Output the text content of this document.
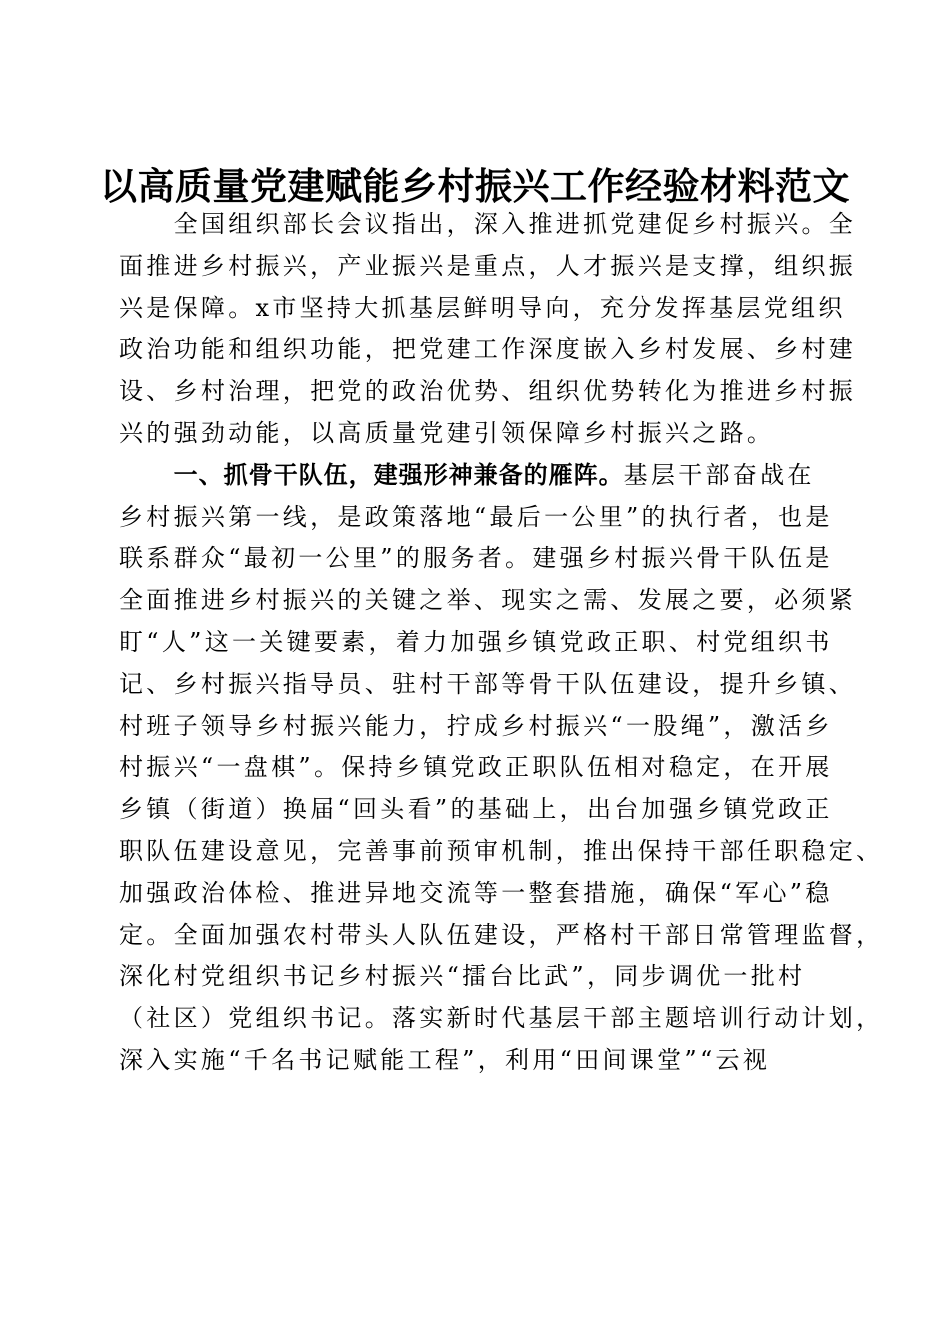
以高质量党建赋能乡村振兴工作经验材料范文

　　全国组织部长会议指出，深入推进抓党建促乡村振兴。全
面推进乡村振兴，产业振兴是重点，人才振兴是支撑，组织振
兴是保障。x市坚持大抓基层鲜明导向，充分发挥基层党组织
政治功能和组织功能，把党建工作深度嵌入乡村发展、乡村建
设、乡村治理，把党的政治优势、组织优势转化为推进乡村振
兴的强劲动能，以高质量党建引领保障乡村振兴之路。

　　一、抓骨干队伍，建强形神兼备的雁阵。基层干部奋战在
乡村振兴第一线，是政策落地“最后一公里”的执行者，也是
联系群众“最初一公里”的服务者。建强乡村振兴骨干队伍是
全面推进乡村振兴的关键之举、现实之需、发展之要，必须紧
盯“人”这一关键要素，着力加强乡镇党政正职、村党组织书
记、乡村振兴指导员、驻村干部等骨干队伍建设，提升乡镇、
村班子领导乡村振兴能力，拧成乡村振兴“一股绳”，激活乡
村振兴“一盘棋”。保持乡镇党政正职队伍相对稳定，在开展
乡镇（街道）换届“回头看”的基础上，出台加强乡镇党政正
职队伍建设意见，完善事前预审机制，推出保持干部任职稳定、
加强政治体检、推进异地交流等一整套措施，确保“军心”稳
定。全面加强农村带头人队伍建设，严格村干部日常管理监督，
深化村党组织书记乡村振兴“擂台比武”，同步调优一批村
（社区）党组织书记。落实新时代基层干部主题培训行动计划，
深入实施“千名书记赋能工程”，利用“田间课堂”“云视
